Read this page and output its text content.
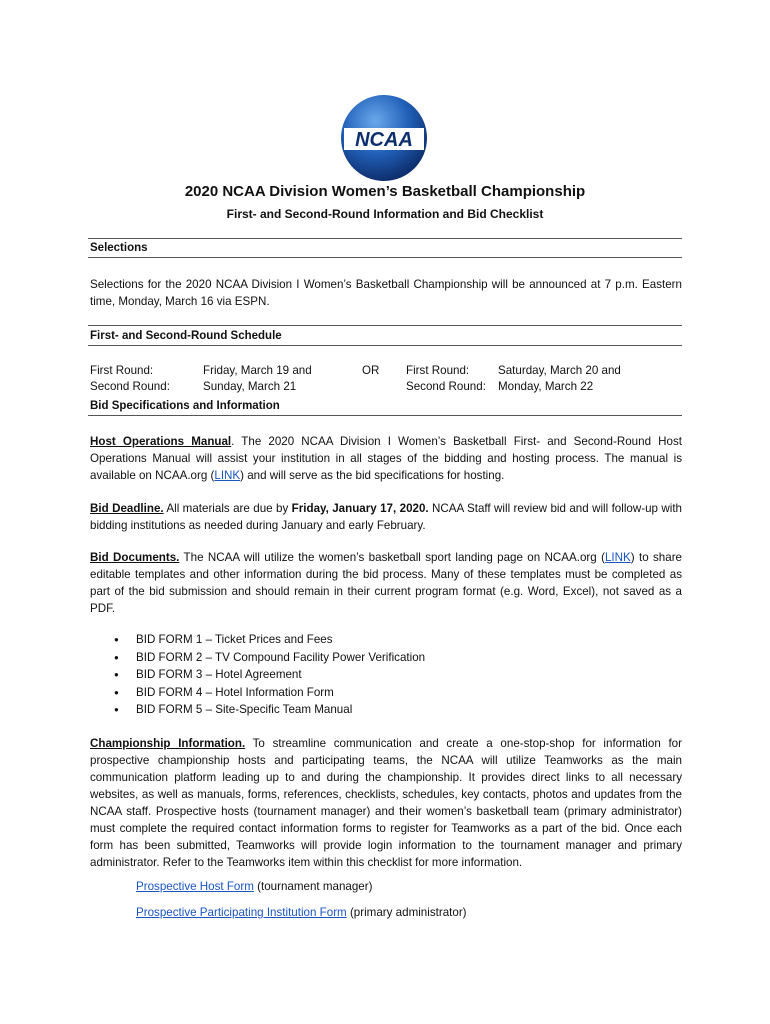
NCAA
2020 NCAA Division Women’s Basketball Championship
First- and Second-Round Information and Bid Checklist
Selections
Selections for the 2020 NCAA Division I Women’s Basketball Championship will be announced at 7 p.m. Eastern time, Monday, March 16 via ESPN.
First- and Second-Round Schedule
First Round:
Second Round:
Friday, March 19 and
Sunday, March 21
OR First Round:
Second Round:
Saturday, March 20 and
Monday, March 22
Bid Specifications and Information
Host Operations Manual. The 2020 NCAA Division I Women’s Basketball First- and Second-Round Host Operations Manual will assist your institution in all stages of the bidding and hosting process. The manual is available on NCAA.org (LINK) and will serve as the bid specifications for hosting.
Bid Deadline. All materials are due by Friday, January 17, 2020. NCAA Staff will review bid and will follow-up with bidding institutions as needed during January and early February.
Bid Documents. The NCAA will utilize the women’s basketball sport landing page on NCAA.org (LINK) to share editable templates and other information during the bid process. Many of these templates must be completed as part of the bid submission and should remain in their current program format (e.g. Word, Excel), not saved as a PDF.
● BID FORM 1 – Ticket Prices and Fees
● BID FORM 2 – TV Compound Facility Power Verification
● BID FORM 3 – Hotel Agreement
● BID FORM 4 – Hotel Information Form
● BID FORM 5 – Site-Specific Team Manual
Championship Information. To streamline communication and create a one-stop-shop for information for prospective championship hosts and participating teams, the NCAA will utilize Teamworks as the main communication platform leading up to and during the championship. It provides direct links to all necessary websites, as well as manuals, forms, references, checklists, schedules, key contacts, photos and updates from the NCAA staff. Prospective hosts (tournament manager) and their women’s basketball team (primary administrator) must complete the required contact information forms to register for Teamworks as a part of the bid. Once each form has been submitted, Teamworks will provide login information to the tournament manager and primary administrator. Refer to the Teamworks item within this checklist for more information.
Prospective Host Form (tournament manager)
Prospective Participating Institution Form (primary administrator)
